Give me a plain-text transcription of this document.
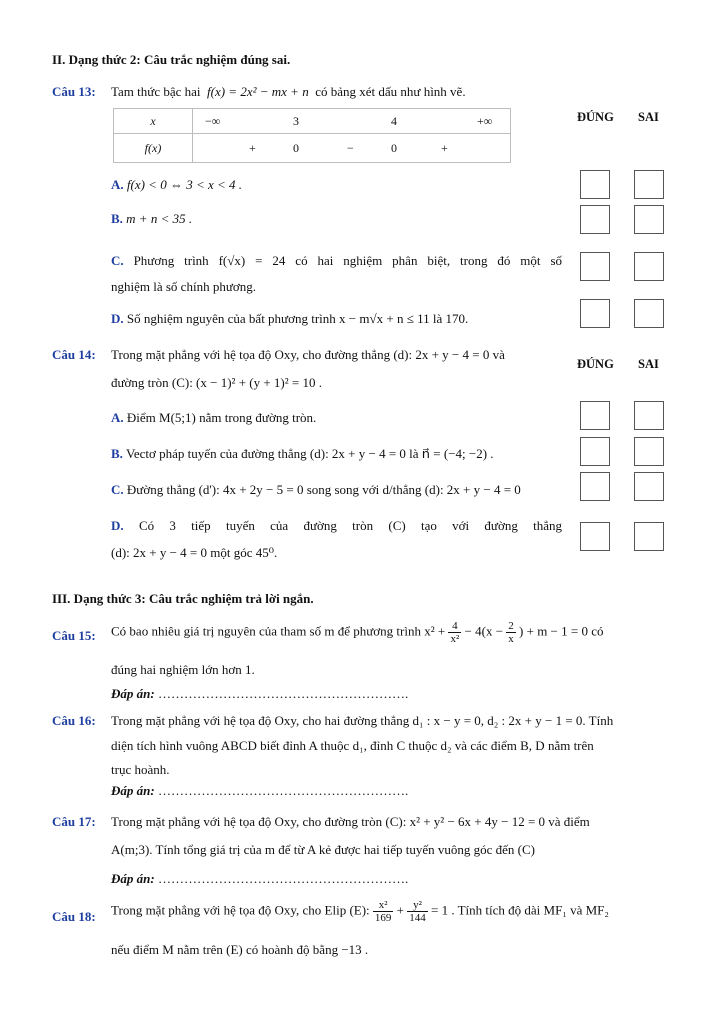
II. Dạng thức 2: Câu trắc nghiệm đúng sai.
Câu 13: Tam thức bậc hai f(x) = 2x² − mx + n có bảng xét dấu như hình vẽ.
x	−∞ 3 4 +∞

f(x)	+ 0 − 0 +
ĐÚNG SAI
A. f(x) < 0 ⇔ 3 < x < 4 .
B. m + n < 35 .
C. Phương trình f(√x) = 24 có hai nghiệm phân biệt, trong đó một số
nghiệm là số chính phương.
D. Số nghiệm nguyên của bất phương trình x − m√x + n ≤ 11 là 170.
Câu 14: Trong mặt phẳng với hệ tọa độ Oxy, cho đường thẳng (d): 2x + y − 4 = 0 và
đường tròn (C): (x − 1)² + (y + 1)² = 10 .
ĐÚNG SAI
A. Điểm M(5;1) nằm trong đường tròn.
B. Vectơ pháp tuyến của đường thẳng (d): 2x + y − 4 = 0 là n⃗ = (−4; −2) .
C. Đường thẳng (d'): 4x + 2y − 5 = 0 song song với d/thẳng (d): 2x + y − 4 = 0
D. Có 3 tiếp tuyến của đường tròn (C) tạo với đường thẳng
(d): 2x + y − 4 = 0 một góc 45⁰.
III. Dạng thức 3: Câu trắc nghiệm trả lời ngắn.
Câu 15: Có bao nhiêu giá trị nguyên của tham số m để phương trình $x^2 + \frac{4}{\text{x²}} - 4(x - \frac{2}{x}$ ) + m − 1 = 0 có
đúng hai nghiệm lớn hơn 1.
Đáp án: ………………………………………………….
Câu 16: Trong mặt phẳng với hệ tọa độ Oxy, cho hai đường thẳng d₁ : x − y = 0, d₂ : 2x + y − 1 = 0. Tính
diện tích hình vuông ABCD biết đỉnh A thuộc d₁, đỉnh C thuộc d₂ và các điểm B, D nằm trên
trục hoành.
Đáp án: ………………………………………………….
Câu 17: Trong mặt phẳng với hệ tọa độ Oxy, cho đường tròn (C): x² + y² − 6x + 4y − 12 = 0 và điểm
A(m;3). Tính tổng giá trị của m để từ A kẻ được hai tiếp tuyến vuông góc đến (C)
Đáp án: ………………………………………………….
Câu 18: Trong mặt phẳng với hệ tọa độ Oxy, cho Elip (E): $\frac{\text{x²}}{169} + \frac{\text{y²}}{144} = 1$ . Tính tích độ dài MF₁ và MF₂
nếu điểm M nằm trên (E) có hoành độ bằng −13 .
